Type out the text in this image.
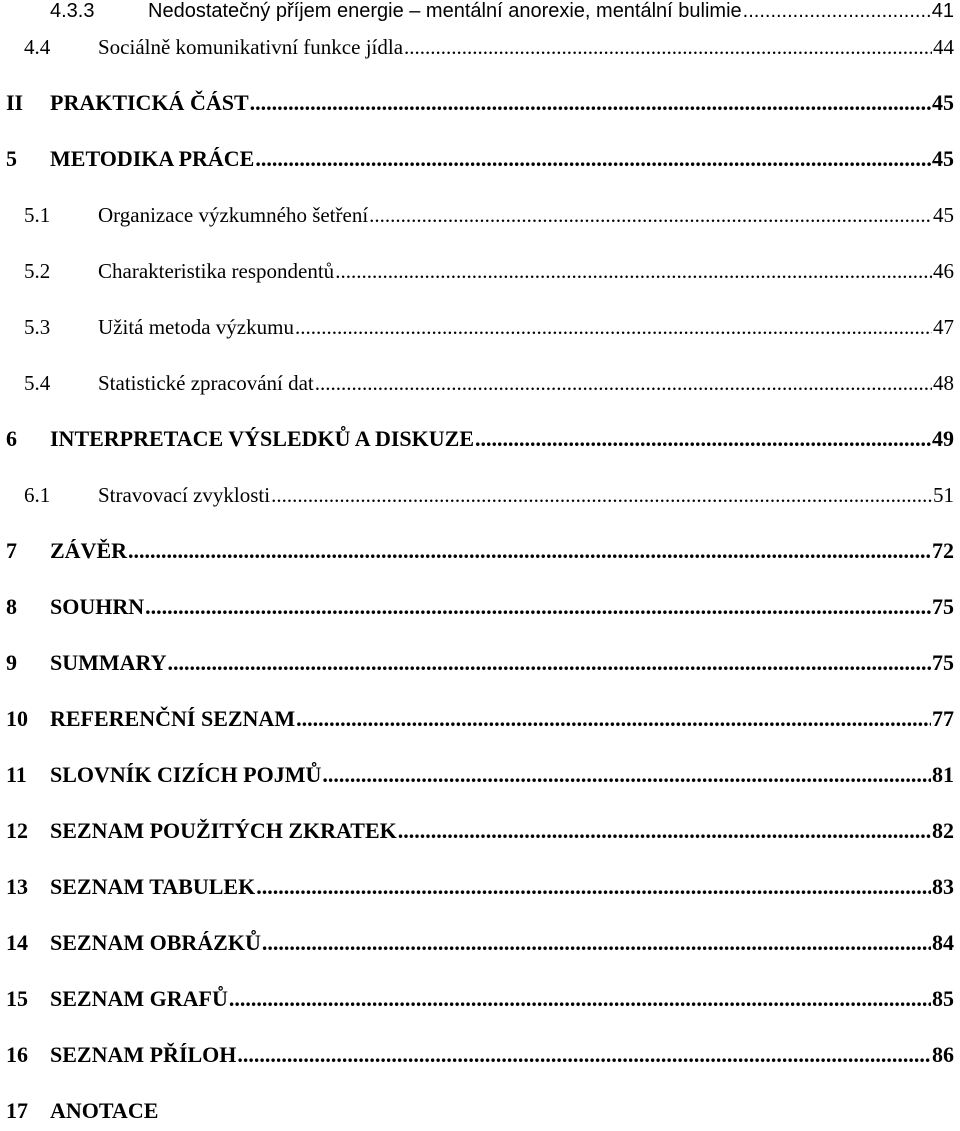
4.3.3	Nedostatečný příjem energie – mentální anorexie, mentální bulimie .....	41
4.4	Sociálně komunikativní funkce jídla .....	44
II	PRAKTICKÁ ČÁST .....	45
5	METODIKA PRÁCE .....	45
5.1	Organizace výzkumného šetření .....	45
5.2	Charakteristika respondentů .....	46
5.3	Užitá metoda výzkumu .....	47
5.4	Statistické zpracování dat .....	48
6	INTERPRETACE VÝSLEDKŮ A DISKUZE .....	49
6.1	Stravovací zvyklosti .....	51
7	ZÁVĚR .....	72
8	SOUHRN .....	75
9	SUMMARY .....	75
10	REFERENČNÍ SEZNAM .....	77
11	SLOVNÍK CIZÍCH POJMŮ .....	81
12	SEZNAM POUŽITÝCH ZKRATEK .....	82
13	SEZNAM TABULEK .....	83
14	SEZNAM OBRÁZKŮ .....	84
15	SEZNAM GRAFŮ .....	85
16	SEZNAM PŘÍLOH .....	86
17	ANOTACE
